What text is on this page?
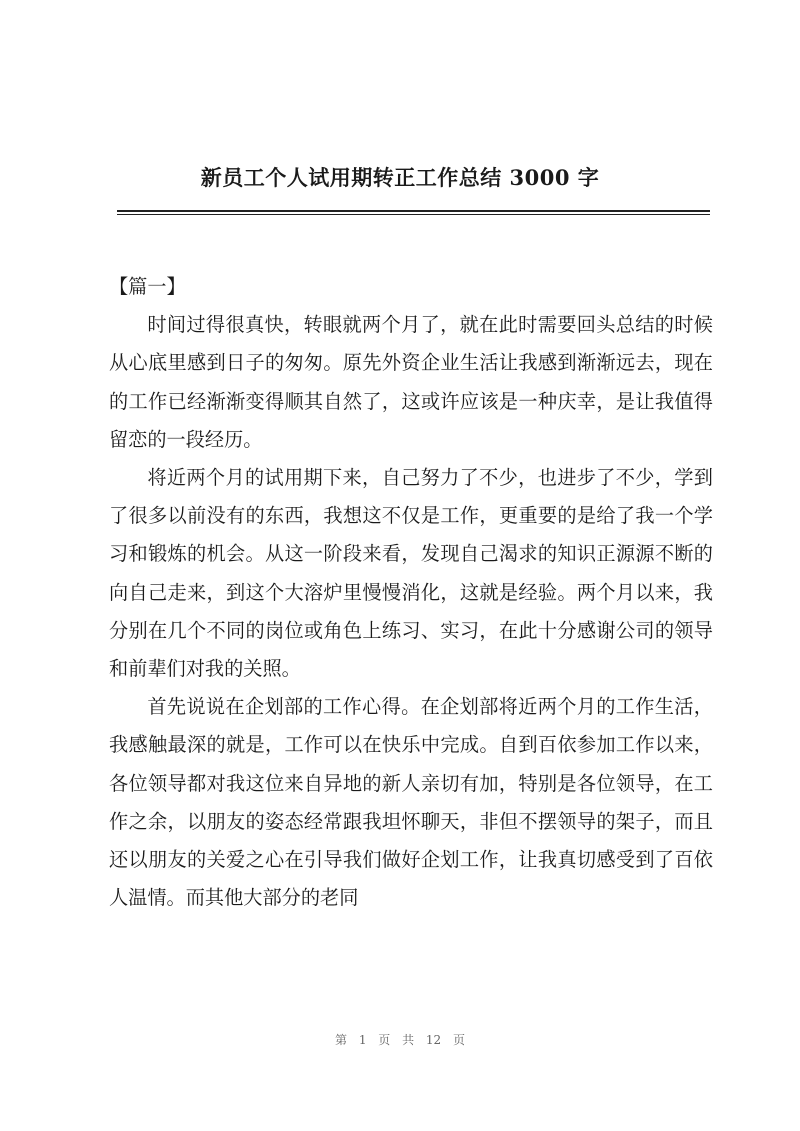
新员工个人试用期转正工作总结 3000 字
【篇一】

时间过得很真快，转眼就两个月了，就在此时需要回头总结的时候从心底里感到日子的匆匆。原先外资企业生活让我感到渐渐远去，现在的工作已经渐渐变得顺其自然了，这或许应该是一种庆幸，是让我值得留恋的一段经历。

将近两个月的试用期下来，自己努力了不少，也进步了不少，学到了很多以前没有的东西，我想这不仅是工作，更重要的是给了我一个学习和锻炼的机会。从这一阶段来看，发现自己渴求的知识正源源不断的向自己走来，到这个大溶炉里慢慢消化，这就是经验。两个月以来，我分别在几个不同的岗位或角色上练习、实习，在此十分感谢公司的领导和前辈们对我的关照。

首先说说在企划部的工作心得。在企划部将近两个月的工作生活，我感触最深的就是，工作可以在快乐中完成。自到百依参加工作以来，各位领导都对我这位来自异地的新人亲切有加，特别是各位领导，在工作之余，以朋友的姿态经常跟我坦怀聊天，非但不摆领导的架子，而且还以朋友的关爱之心在引导我们做好企划工作，让我真切感受到了百依人温情。而其他大部分的老同

第 1 页 共 12 页
